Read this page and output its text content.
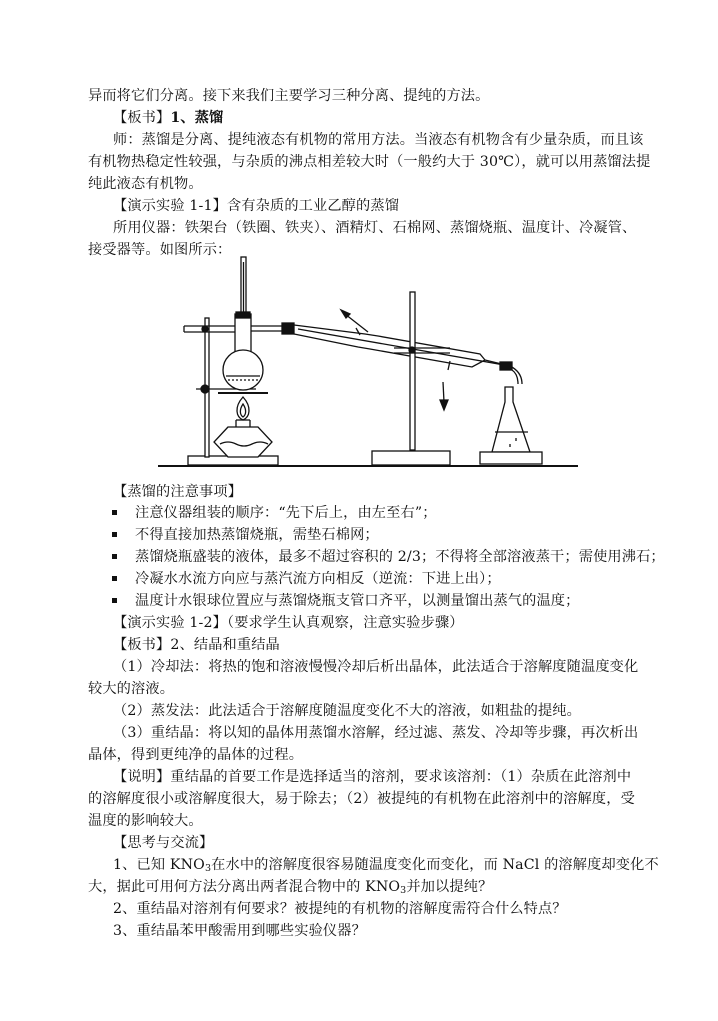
异而将它们分离。接下来我们主要学习三种分离、提纯的方法。
【板书】1、蒸馏
师：蒸馏是分离、提纯液态有机物的常用方法。当液态有机物含有少量杂质，而且该
有机物热稳定性较强，与杂质的沸点相差较大时（一般约大于 30℃），就可以用蒸馏法提
纯此液态有机物。
【演示实验 1-1】含有杂质的工业乙醇的蒸馏
所用仪器：铁架台（铁圈、铁夹）、酒精灯、石棉网、蒸馏烧瓶、温度计、冷凝管、
接受器等。如图所示：
【蒸馏的注意事项】
注意仪器组装的顺序：“先下后上，由左至右”；
不得直接加热蒸馏烧瓶，需垫石棉网；
蒸馏烧瓶盛装的液体，最多不超过容积的 2/3；不得将全部溶液蒸干；需使用沸石；
冷凝水水流方向应与蒸汽流方向相反（逆流：下进上出）；
温度计水银球位置应与蒸馏烧瓶支管口齐平，以测量馏出蒸气的温度；
【演示实验 1-2】（要求学生认真观察，注意实验步骤）
【板书】2、结晶和重结晶
（1）冷却法：将热的饱和溶液慢慢冷却后析出晶体，此法适合于溶解度随温度变化
较大的溶液。
（2）蒸发法：此法适合于溶解度随温度变化不大的溶液，如粗盐的提纯。
（3）重结晶：将以知的晶体用蒸馏水溶解，经过滤、蒸发、冷却等步骤，再次析出
晶体，得到更纯净的晶体的过程。
【说明】重结晶的首要工作是选择适当的溶剂，要求该溶剂：（1）杂质在此溶剂中
的溶解度很小或溶解度很大，易于除去；（2）被提纯的有机物在此溶剂中的溶解度，受
温度的影响较大。
【思考与交流】
1、已知 $KNO_3$在水中的溶解度很容易随温度变化而变化，而 NaCl 的溶解度却变化不
大，据此可用何方法分离出两者混合物中的 $KNO_3$并加以提纯？
2、重结晶对溶剂有何要求？被提纯的有机物的溶解度需符合什么特点？
3、重结晶苯甲酸需用到哪些实验仪器？
